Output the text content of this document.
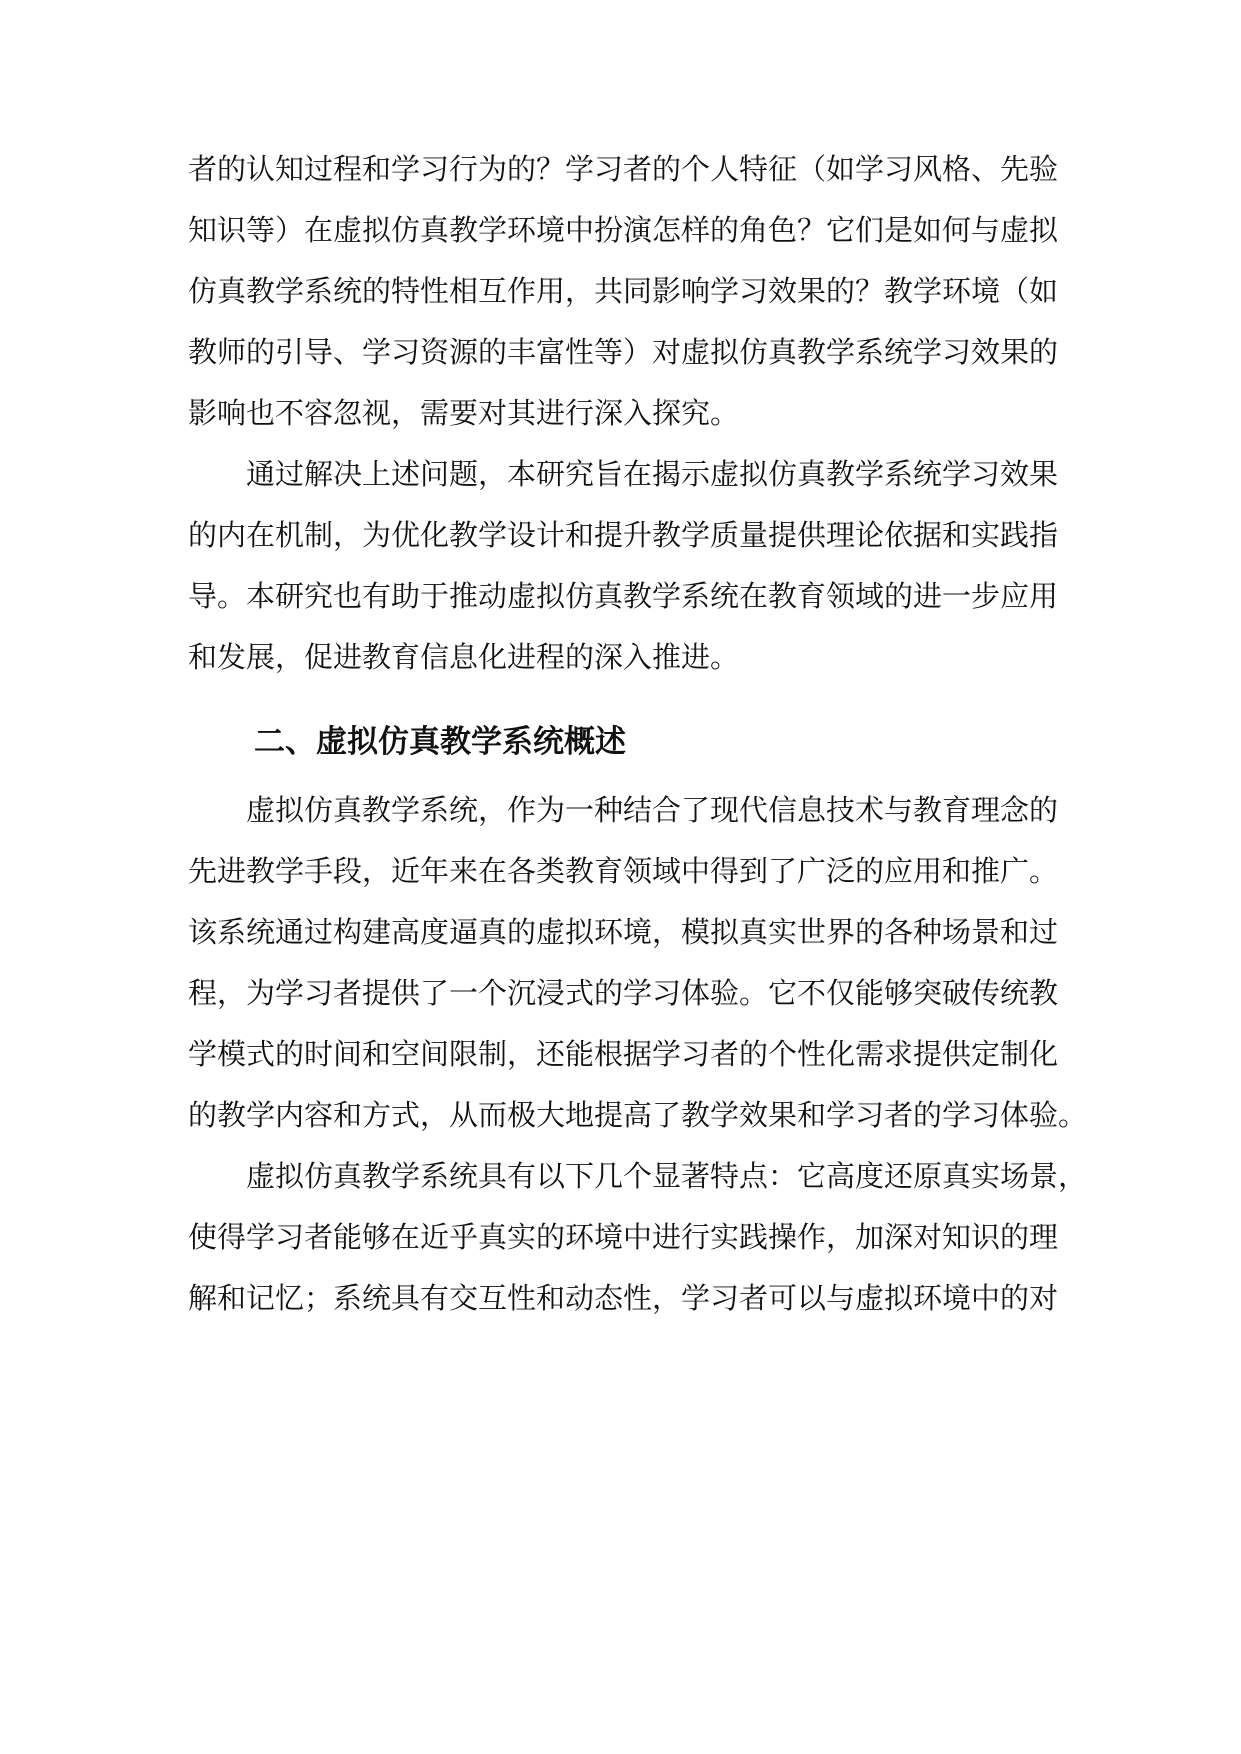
者的认知过程和学习行为的？学习者的个人特征（如学习风格、先验
知识等）在虚拟仿真教学环境中扮演怎样的角色？它们是如何与虚拟
仿真教学系统的特性相互作用，共同影响学习效果的？教学环境（如
教师的引导、学习资源的丰富性等）对虚拟仿真教学系统学习效果的
影响也不容忽视，需要对其进行深入探究。
通过解决上述问题，本研究旨在揭示虚拟仿真教学系统学习效果
的内在机制，为优化教学设计和提升教学质量提供理论依据和实践指
导。本研究也有助于推动虚拟仿真教学系统在教育领域的进一步应用
和发展，促进教育信息化进程的深入推进。
二、虚拟仿真教学系统概述
虚拟仿真教学系统，作为一种结合了现代信息技术与教育理念的
先进教学手段，近年来在各类教育领域中得到了广泛的应用和推广。
该系统通过构建高度逼真的虚拟环境，模拟真实世界的各种场景和过
程，为学习者提供了一个沉浸式的学习体验。它不仅能够突破传统教
学模式的时间和空间限制，还能根据学习者的个性化需求提供定制化
的教学内容和方式，从而极大地提高了教学效果和学习者的学习体验。
虚拟仿真教学系统具有以下几个显著特点：它高度还原真实场景，
使得学习者能够在近乎真实的环境中进行实践操作，加深对知识的理
解和记忆；系统具有交互性和动态性，学习者可以与虚拟环境中的对
